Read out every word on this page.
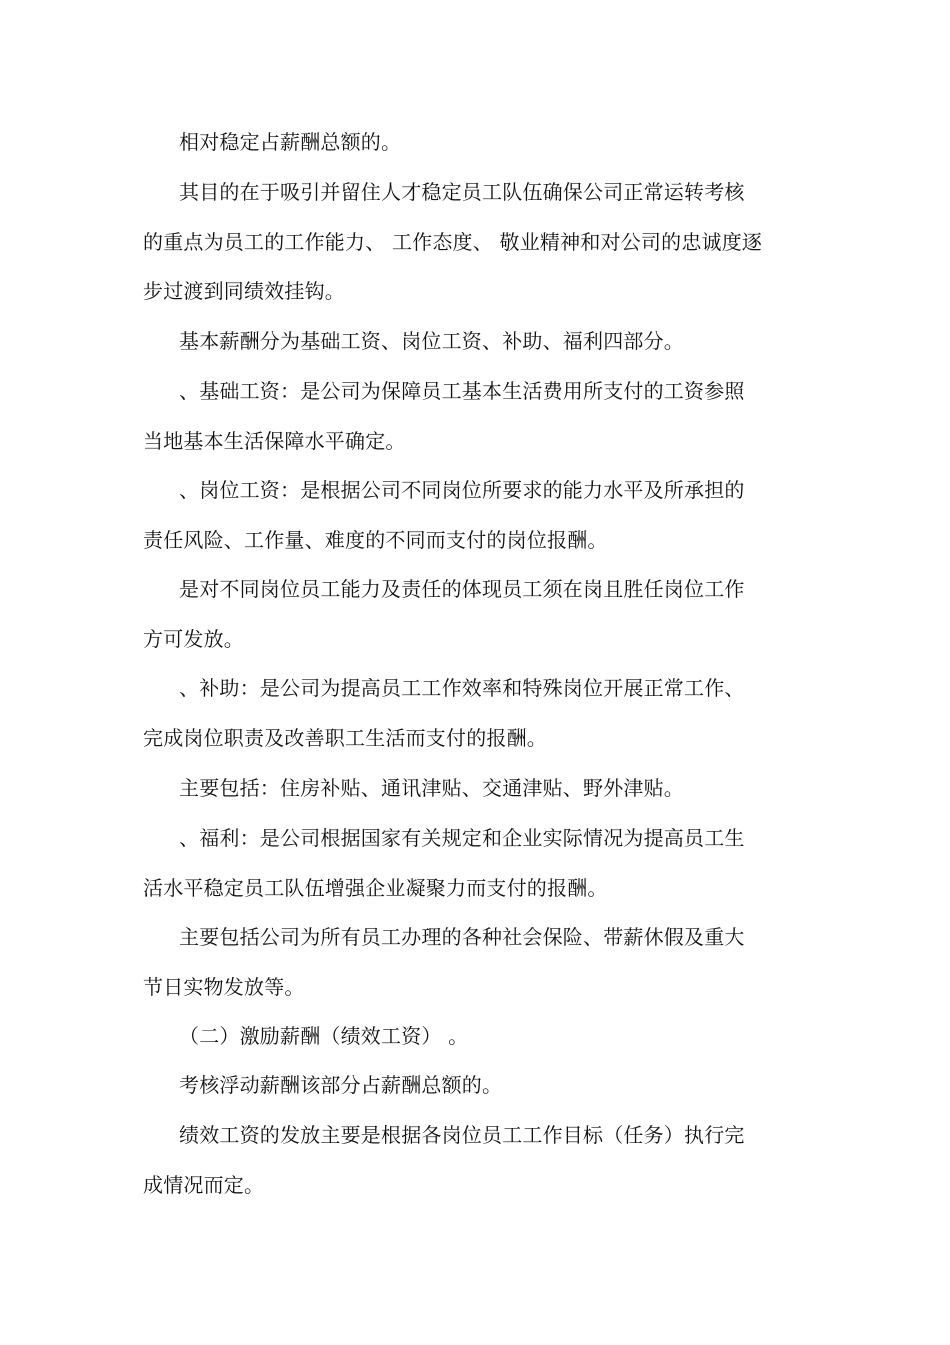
相对稳定占薪酬总额的。

其目的在于吸引并留住人才稳定员工队伍确保公司正常运转考核
的重点为员工的工作能力、 工作态度、 敬业精神和对公司的忠诚度逐
步过渡到同绩效挂钩。

基本薪酬分为基础工资、岗位工资、补助、福利四部分。

、基础工资：是公司为保障员工基本生活费用所支付的工资参照
当地基本生活保障水平确定。

、岗位工资：是根据公司不同岗位所要求的能力水平及所承担的
责任风险、工作量、难度的不同而支付的岗位报酬。

是对不同岗位员工能力及责任的体现员工须在岗且胜任岗位工作
方可发放。

、补助：是公司为提高员工工作效率和特殊岗位开展正常工作、
完成岗位职责及改善职工生活而支付的报酬。

主要包括：住房补贴、通讯津贴、交通津贴、野外津贴。

、福利：是公司根据国家有关规定和企业实际情况为提高员工生
活水平稳定员工队伍增强企业凝聚力而支付的报酬。

主要包括公司为所有员工办理的各种社会保险、带薪休假及重大
节日实物发放等。

（二）激励薪酬（绩效工资） 。

考核浮动薪酬该部分占薪酬总额的。

绩效工资的发放主要是根据各岗位员工工作目标（任务）执行完
成情况而定。
